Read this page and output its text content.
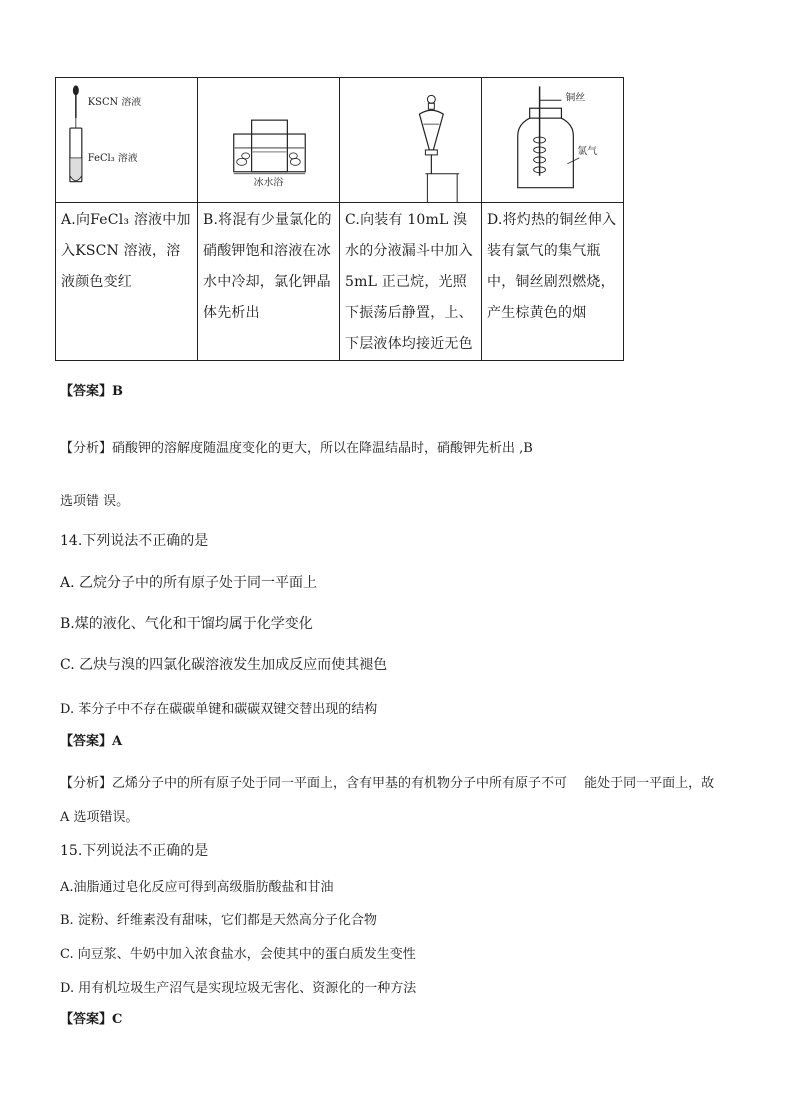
KSCN 溶液
FeCl₃ 溶液	冰水浴		铜丝
氯气

A.向FeCl₃ 溶液中加入KSCN 溶液，溶液颜色变红	B.将混有少量氯化的硝酸钾饱和溶液在冰水中冷却，氯化钾晶体先析出	C.向装有 10mL 溴水的分液漏斗中加入 5mL 正己烷，光照下振荡后静置，上、下层液体均接近无色	D.将灼热的铜丝伸入装有氯气的集气瓶中，铜丝剧烈燃烧，产生棕黄色的烟
【答案】B
【分析】硝酸钾的溶解度随温度变化的更大，所以在降温结晶时，硝酸钾先析出 ,B
选项错 误。
14.下列说法不正确的是
A. 乙烷分子中的所有原子处于同一平面上
B.煤的液化、气化和干馏均属于化学变化
C. 乙炔与溴的四氯化碳溶液发生加成反应而使其褪色
D. 苯分子中不存在碳碳单键和碳碳双键交替出现的结构
【答案】A
【分析】乙烯分子中的所有原子处于同一平面上，含有甲基的有机物分子中所有原子不可　 能处于同一平面上，故
A 选项错误。
15.下列说法不正确的是
A.油脂通过皂化反应可得到高级脂肪酸盐和甘油
B. 淀粉、纤维素没有甜味，它们都是天然高分子化合物
C. 向豆浆、牛奶中加入浓食盐水，会使其中的蛋白质发生变性
D. 用有机垃圾生产沼气是实现垃圾无害化、资源化的一种方法
【答案】C
